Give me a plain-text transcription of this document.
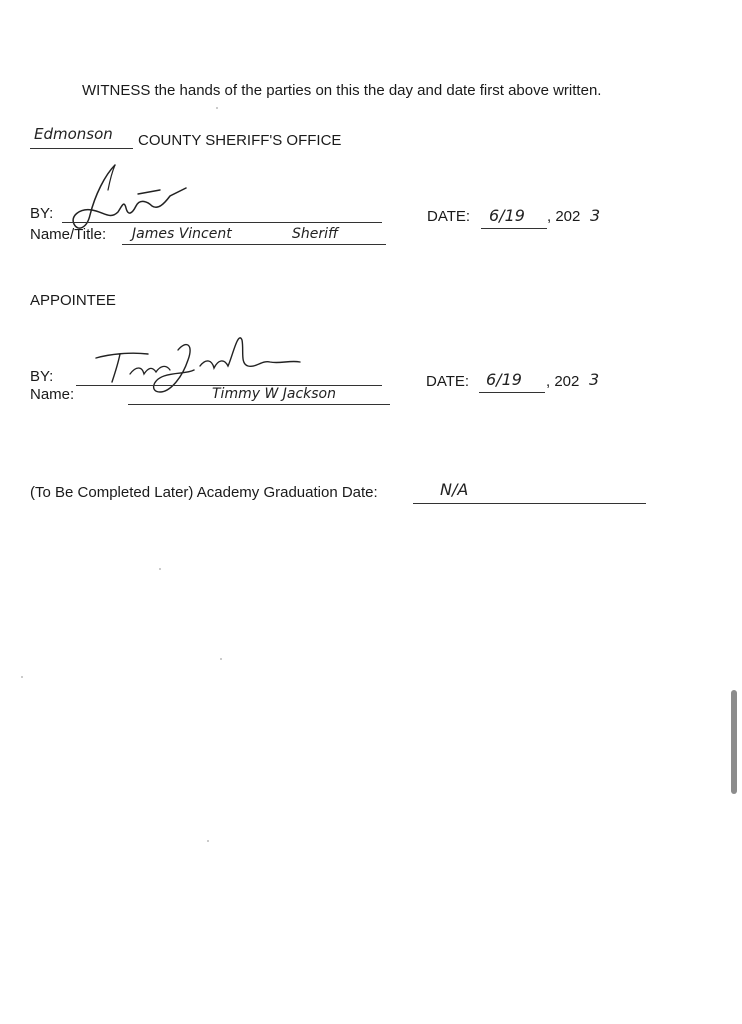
WITNESS the hands of the parties on this the day and date first above written.
Edmonson COUNTY SHERIFF'S OFFICE
BY:
Name/Title: James Vincent	Sheriff
DATE: 6/19 , 202 3
APPOINTEE
BY:
Name:	Timmy W Jackson
DATE: 6/19 , 202 3
(To Be Completed Later) Academy Graduation Date:	N/A
